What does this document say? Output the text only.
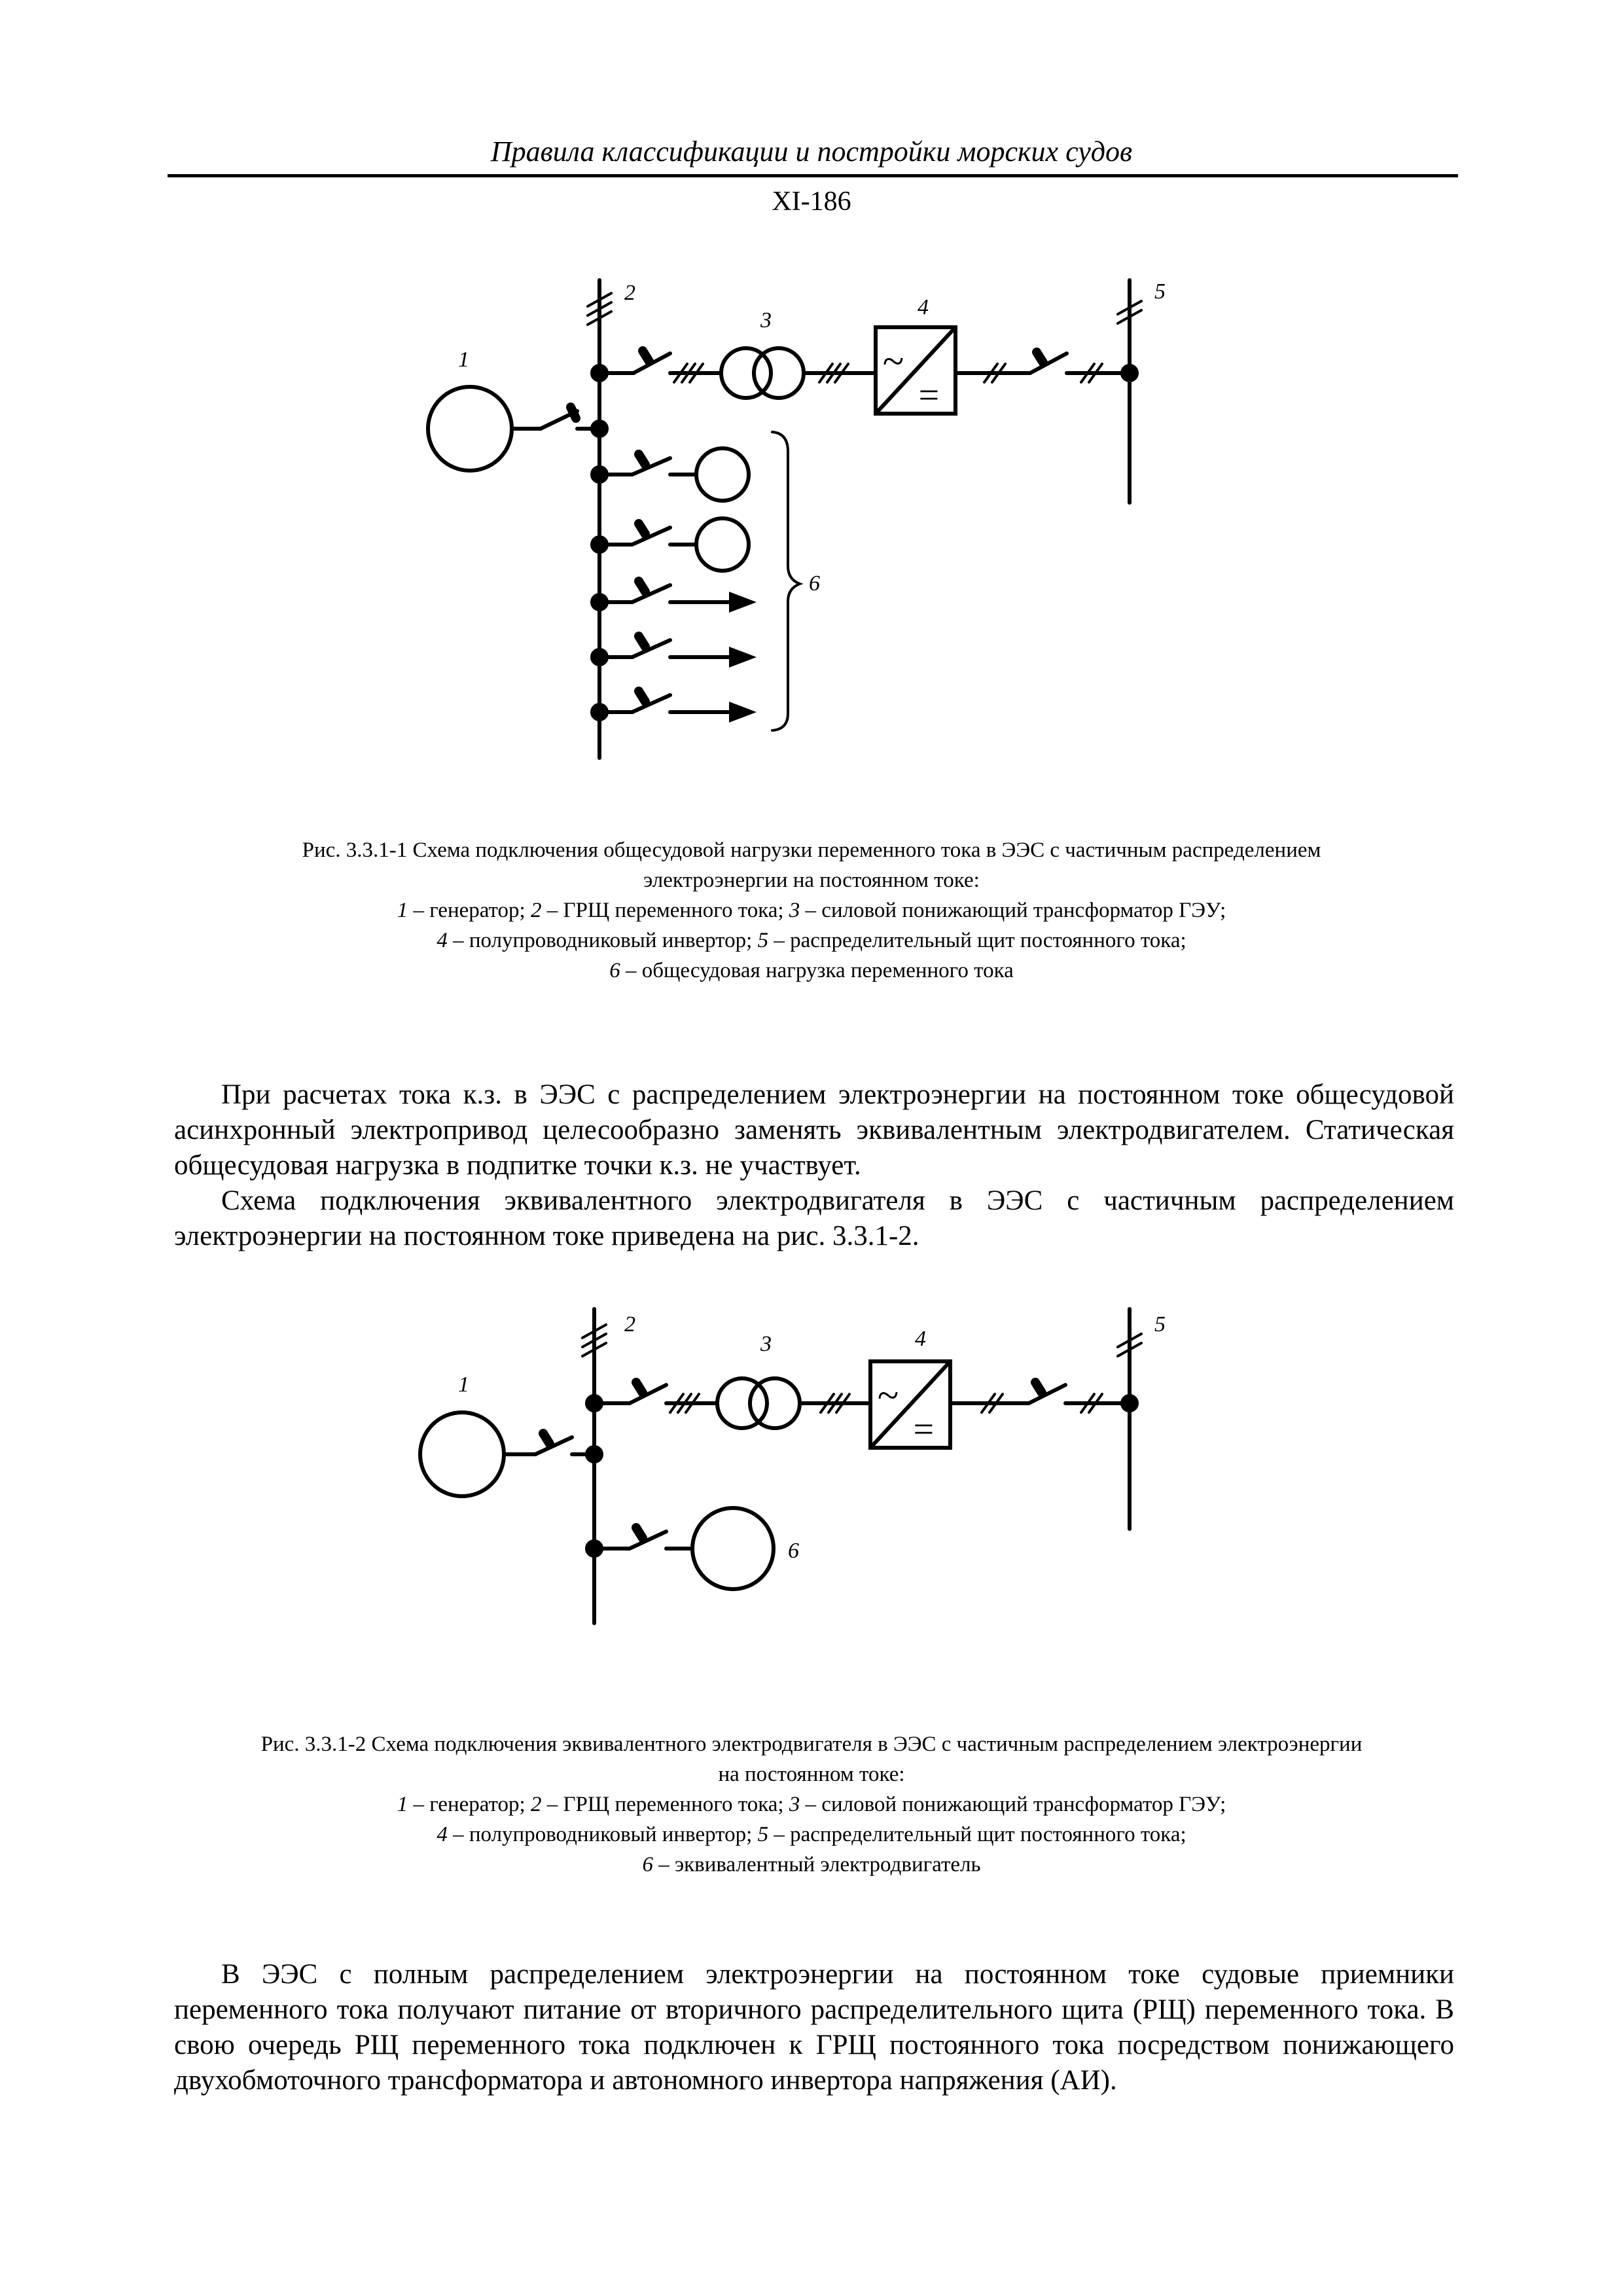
Правила классификации и постройки морских судов
XI-186
2
1
3
~
=
4
5
6
Рис. 3.3.1-1 Схема подключения общесудовой нагрузки переменного тока в ЭЭС с частичным распределением
электроэнергии на постоянном токе:
1 – генератор; 2 – ГРЩ переменного тока; 3 – силовой понижающий трансформатор ГЭУ;
4 – полупроводниковый инвертор; 5 – распределительный щит постоянного тока;
6 – общесудовая нагрузка переменного тока

При расчетах тока к.з. в ЭЭС с распределением электроэнергии на постоянном токе общесудовой асинхронный электропривод целесообразно заменять эквивалентным электродвигателем. Статическая общесудовая нагрузка в подпитке точки к.з. не участвует.

Схема подключения эквивалентного электродвигателя в ЭЭС с частичным распределением электроэнергии на постоянном токе приведена на рис. 3.3.1-2.

2
1
3
~
=
4
5
6
Рис. 3.3.1-2 Схема подключения эквивалентного электродвигателя в ЭЭС с частичным распределением электроэнергии
на постоянном токе:
1 – генератор; 2 – ГРЩ переменного тока; 3 – силовой понижающий трансформатор ГЭУ;
4 – полупроводниковый инвертор; 5 – распределительный щит постоянного тока;
6 – эквивалентный электродвигатель

В ЭЭС с полным распределением электроэнергии на постоянном токе судовые приемники переменного тока получают питание от вторичного распределительного щита (РЩ) переменного тока. В свою очередь РЩ переменного тока подключен к ГРЩ постоянного тока посредством понижающего двухобмоточного трансформатора и автономного инвертора напряжения (АИ).
